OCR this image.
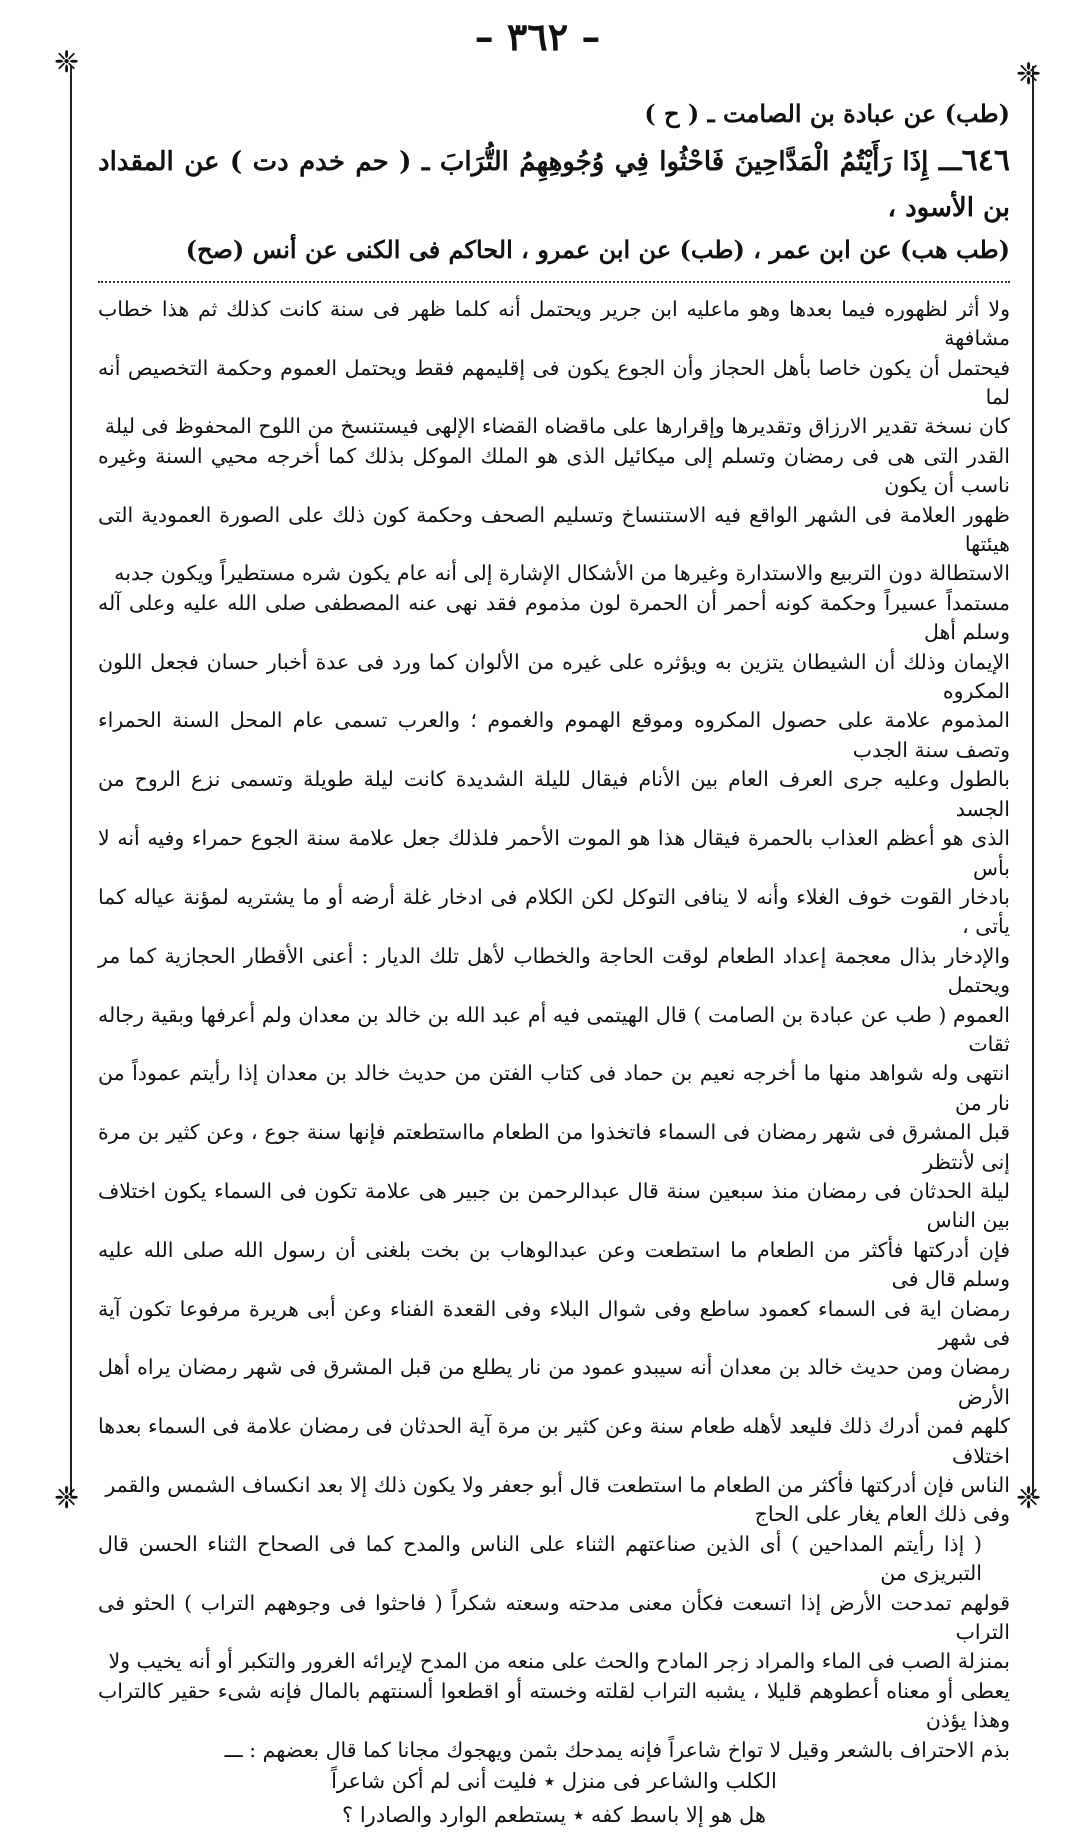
– ٣٦٢ –
❈	❈
❈	❈

(طب) عن عبادة بن الصامت ـ ( ح )

٦٤٦ـــ إِذَا رَأَيْتُمُ الْمَدَّاحِينَ فَاحْثُوا فِي وُجُوهِهِمُ التُّرَابَ ـ ( حم خدم دت ) عن المقداد بن الأسود ،

(طب هب) عن ابن عمر ، (طب) عن ابن عمرو ، الحاكم فى الكنى عن أنس (صح)

ولا أثر لظهوره فيما بعدها وهو ماعليه ابن جرير ويحتمل أنه كلما ظهر فى سنة كانت كذلك ثم هذا خطاب مشافهة

فيحتمل أن يكون خاصا بأهل الحجاز وأن الجوع يكون فى إقليمهم فقط ويحتمل العموم وحكمة التخصيص أنه لما

كان نسخة تقدير الارزاق وتقديرها وإقرارها على ماقضاه القضاء الإلهى فيستنسخ من اللوح المحفوظ فى ليلة

القدر التى هى فى رمضان وتسلم إلى ميكائيل الذى هو الملك الموكل بذلك كما أخرجه محيي السنة وغيره ناسب أن يكون

ظهور العلامة فى الشهر الواقع فيه الاستنساخ وتسليم الصحف وحكمة كون ذلك على الصورة العمودية التى هيئتها

الاستطالة دون التربيع والاستدارة وغيرها من الأشكال الإشارة إلى أنه عام يكون شره مستطيراً ويكون جدبه

مستمداً عسيراً وحكمة كونه أحمر أن الحمرة لون مذموم فقد نهى عنه المصطفى صلى الله عليه وعلى آله وسلم أهل

الإيمان وذلك أن الشيطان يتزين به ويؤثره على غيره من الألوان كما ورد فى عدة أخبار حسان فجعل اللون المكروه

المذموم علامة على حصول المكروه وموقع الهموم والغموم ؛ والعرب تسمى عام المحل السنة الحمراء وتصف سنة الجدب

بالطول وعليه جرى العرف العام بين الأنام فيقال لليلة الشديدة كانت ليلة طويلة وتسمى نزع الروح من الجسد

الذى هو أعظم العذاب بالحمرة فيقال هذا هو الموت الأحمر فلذلك جعل علامة سنة الجوع حمراء وفيه أنه لا بأس

بادخار القوت خوف الغلاء وأنه لا ينافى التوكل لكن الكلام فى ادخار غلة أرضه أو ما يشتريه لمؤنة عياله كما يأتى ،

والإدخار بذال معجمة إعداد الطعام لوقت الحاجة والخطاب لأهل تلك الديار : أعنى الأقطار الحجازية كما مر ويحتمل

العموم ( طب عن عبادة بن الصامت ) قال الهيتمى فيه أم عبد الله بن خالد بن معدان ولم أعرفها وبقية رجاله ثقات

انتهى وله شواهد منها ما أخرجه نعيم بن حماد فى كتاب الفتن من حديث خالد بن معدان إذا رأيتم عموداً من نار من

قبل المشرق فى شهر رمضان فى السماء فاتخذوا من الطعام مااستطعتم فإنها سنة جوع ، وعن كثير بن مرة إنى لأنتظر

ليلة الحدثان فى رمضان منذ سبعين سنة قال عبدالرحمن بن جبير هى علامة تكون فى السماء يكون اختلاف بين الناس

فإن أدركتها فأكثر من الطعام ما استطعت وعن عبدالوهاب بن بخت بلغنى أن رسول الله صلى الله عليه وسلم قال فى

رمضان اية فى السماء كعمود ساطع وفى شوال البلاء وفى القعدة الفناء وعن أبى هريرة مرفوعا تكون آية فى شهر

رمضان ومن حديث خالد بن معدان أنه سيبدو عمود من نار يطلع من قبل المشرق فى شهر رمضان يراه أهل الأرض

كلهم فمن أدرك ذلك فليعد لأهله طعام سنة وعن كثير بن مرة آية الحدثان فى رمضان علامة فى السماء بعدها اختلاف

الناس فإن أدركتها فأكثر من الطعام ما استطعت قال أبو جعفر ولا يكون ذلك إلا بعد انكساف الشمس والقمر

وفى ذلك العام يغار على الحاج

( إذا رأيتم المداحين ) أى الذين صناعتهم الثناء على الناس والمدح كما فى الصحاح الثناء الحسن قال التبريزى من

قولهم تمدحت الأرض إذا اتسعت فكأن معنى مدحته وسعته شكراً ( فاحثوا فى وجوههم التراب ) الحثو فى التراب

بمنزلة الصب فى الماء والمراد زجر المادح والحث على منعه من المدح لإيرائه الغرور والتكبر أو أنه يخيب ولا

يعطى أو معناه أعطوهم قليلا ، يشبه التراب لقلته وخسته أو اقطعوا ألسنتهم بالمال فإنه شىء حقير كالتراب وهذا يؤذن

بذم الاحتراف بالشعر وقيل لا تواخ شاعراً فإنه يمدحك بثمن ويهجوك مجانا كما قال بعضهم : ـــ

الكلب والشاعر فى منزل ٭ فليت أنى لم أكن شاعراً

هل هو إلا باسط كفه ٭ يستطعم الوارد والصادرا ؟
